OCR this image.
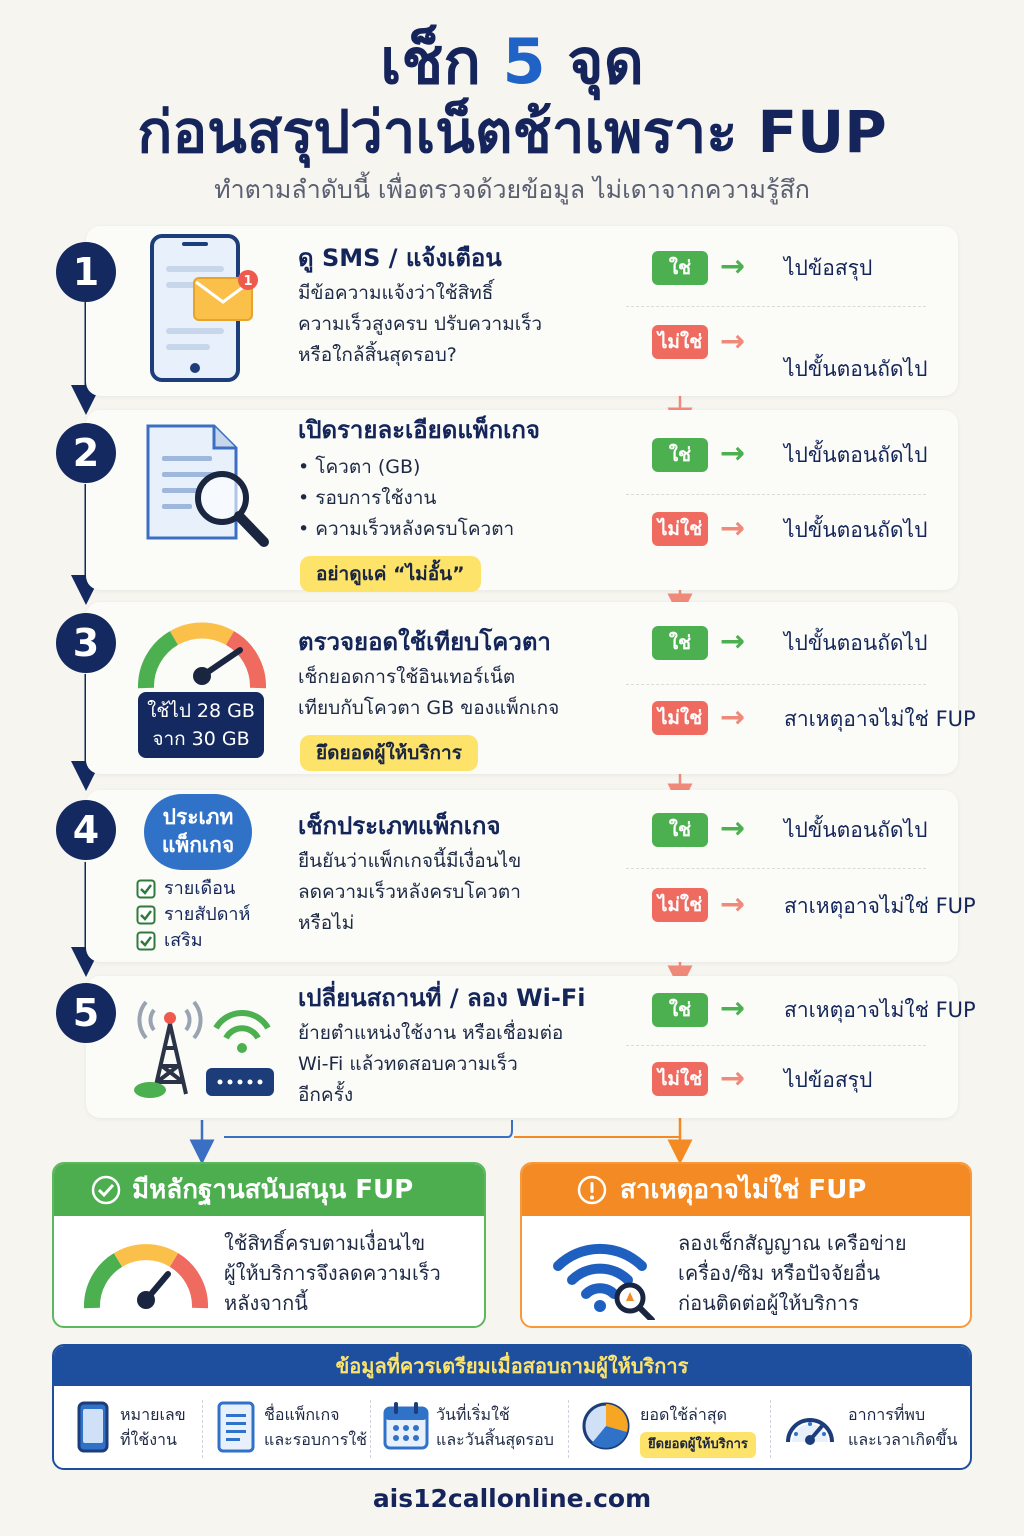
เช็ก 5 จุด
ก่อนสรุปว่าเน็ตช้าเพราะ FUP
ทำตามลำดับนี้ เพื่อตรวจด้วยข้อมูล ไม่เดาจากความรู้สึก
1	1
ดู SMS / แจ้งเตือน
มีข้อความแจ้งว่าใช้สิทธิ์
ความเร็วสูงครบ ปรับความเร็ว
หรือใกล้สิ้นสุดรอบ?
ใช่ → ไปข้อสรุป
ไม่ใช่ →
ไปขั้นตอนถัดไป
2
เปิดรายละเอียดแพ็กเกจ
• โควตา (GB)
• รอบการใช้งาน
• ความเร็วหลังครบโควตา
อย่าดูแค่ “ไม่อั้น”
ใช่ → ไปขั้นตอนถัดไป
ไม่ใช่ → ไปขั้นตอนถัดไป
3
ใช้ไป 28 GB
จาก 30 GB
ตรวจยอดใช้เทียบโควตา
เช็กยอดการใช้อินเทอร์เน็ต
เทียบกับโควตา GB ของแพ็กเกจ
ยึดยอดผู้ให้บริการ
ใช่ → ไปขั้นตอนถัดไป
ไม่ใช่ → สาเหตุอาจไม่ใช่ FUP
4	ประเภท
แพ็กเกจ
รายเดือน
รายสัปดาห์
เสริม
เช็กประเภทแพ็กเกจ
ยืนยันว่าแพ็กเกจนี้มีเงื่อนไข
ลดความเร็วหลังครบโควตา
หรือไม่
ใช่ → ไปขั้นตอนถัดไป
ไม่ใช่ → สาเหตุอาจไม่ใช่ FUP
5	เปลี่ยนสถานที่ / ลอง Wi-Fi
ย้ายตำแหน่งใช้งาน หรือเชื่อมต่อ
Wi-Fi แล้วทดสอบความเร็ว
อีกครั้ง
ใช่ → สาเหตุอาจไม่ใช่ FUP
ไม่ใช่ → ไปข้อสรุป
มีหลักฐานสนับสนุน FUP
ใช้สิทธิ์ครบตามเงื่อนไข
ผู้ให้บริการจึงลดความเร็ว
หลังจากนี้
สาเหตุอาจไม่ใช่ FUP
ลองเช็กสัญญาณ เครือข่าย
เครื่อง/ซิม หรือปัจจัยอื่น
ก่อนติดต่อผู้ให้บริการ
ข้อมูลที่ควรเตรียมเมื่อสอบถามผู้ให้บริการ
หมายเลข
ที่ใช้งาน
ชื่อแพ็กเกจ
และรอบการใช้
วันที่เริ่มใช้
และวันสิ้นสุดรอบ
ยอดใช้ล่าสุด
ยึดยอดผู้ให้บริการ
อาการที่พบ
และเวลาเกิดขึ้น
ais12callonline.com
